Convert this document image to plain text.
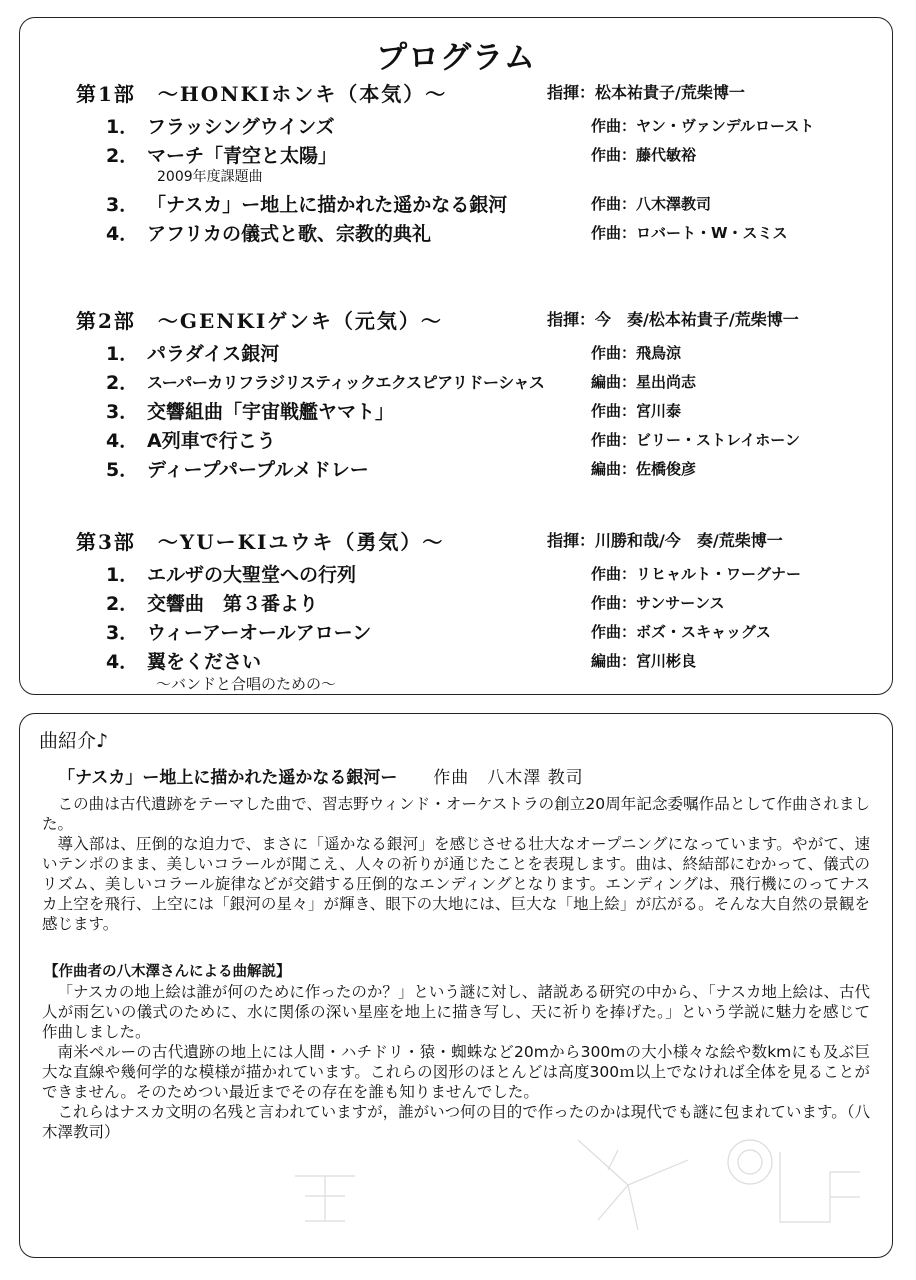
プログラム
第1部　〜HONKIホンキ（本気）〜	指揮：松本祐貴子/荒柴博一
1． フラッシングウインズ	作曲：ヤン・ヴァンデルロースト
2． マーチ「青空と太陽」	作曲：藤代敏裕
2009年度課題曲
3． 「ナスカ」ー地上に描かれた遥かなる銀河	作曲：八木澤教司
4． アフリカの儀式と歌、宗教的典礼	作曲：ロバート・W・スミス
第2部　〜GENKIゲンキ（元気）〜	指揮：今　奏/松本祐貴子/荒柴博一
1． パラダイス銀河	作曲：飛鳥涼
2． スーパーカリフラジリスティックエクスピアリドーシャス	編曲：星出尚志
3． 交響組曲「宇宙戦艦ヤマト」	作曲：宮川泰
4． A列車で行こう	作曲：ビリー・ストレイホーン
5． ディープパープルメドレー	編曲：佐橋俊彦
第3部　〜YUーKIユウキ（勇気）〜	指揮：川勝和哉/今　奏/荒柴博一
1． エルザの大聖堂への行列	作曲：リヒャルト・ワーグナー
2． 交響曲　第３番より	作曲：サンサーンス
3． ウィーアーオールアローン	作曲：ボズ・スキャッグス
4． 翼をください	編曲：宮川彬良
〜バンドと合唱のための〜
曲紹介♪
「ナスカ」ー地上に描かれた遥かなる銀河ー 作曲　八木澤 教司

この曲は古代遺跡をテーマした曲で、習志野ウィンド・オーケストラの創立20周年記念委嘱作品として作曲されました。

導入部は、圧倒的な迫力で、まさに「遥かなる銀河」を感じさせる壮大なオープニングになっています。やがて、速いテンポのまま、美しいコラールが聞こえ、人々の祈りが通じたことを表現します。曲は、終結部にむかって、儀式のリズム、美しいコラール旋律などが交錯する圧倒的なエンディングとなります。エンディングは、飛行機にのってナスカ上空を飛行、上空には「銀河の星々」が輝き、眼下の大地には、巨大な「地上絵」が広がる。そんな大自然の景観を感じます。

【作曲者の八木澤さんによる曲解説】

「ナスカの地上絵は誰が何のために作ったのか？」という謎に対し、諸説ある研究の中から、「ナスカ地上絵は、古代人が雨乞いの儀式のために、水に関係の深い星座を地上に描き写し、天に祈りを捧げた。」という学説に魅力を感じて作曲しました。

南米ペルーの古代遺跡の地上には人間・ハチドリ・猿・蜘蛛など20mから300mの大小様々な絵や数kmにも及ぶ巨大な直線や幾何学的な模様が描かれています。これらの図形のほとんどは高度300ｍ以上でなければ全体を見ることができません。そのためつい最近までその存在を誰も知りませんでした。

これらはナスカ文明の名残と言われていますが，誰がいつ何の目的で作ったのかは現代でも謎に包まれています。（八木澤教司）
